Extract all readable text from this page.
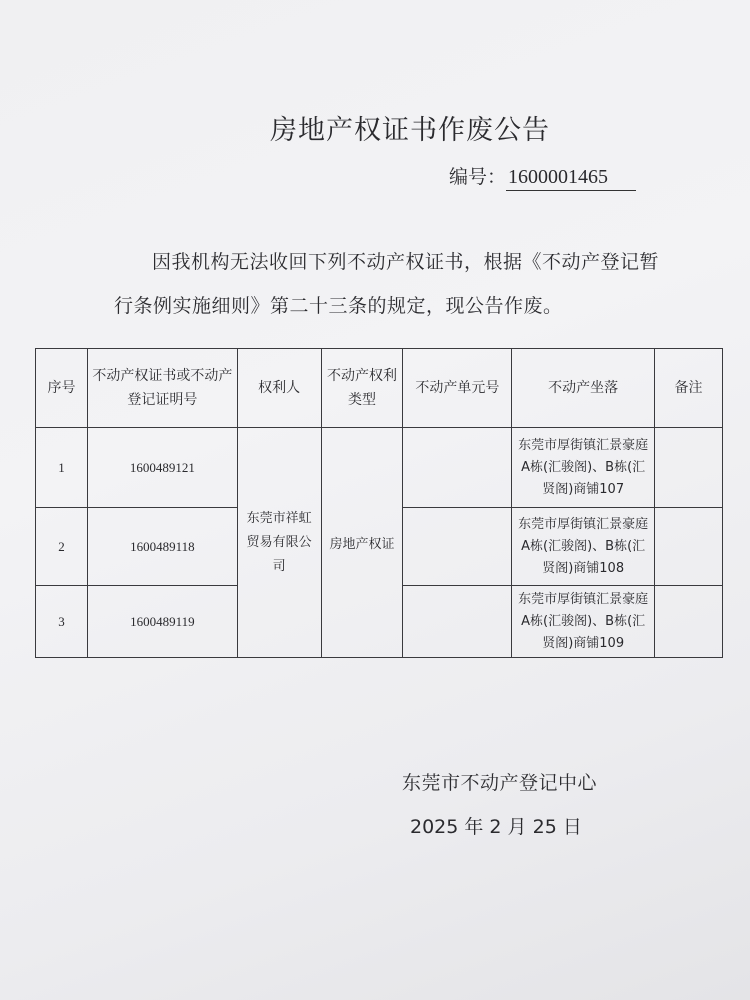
房地产权证书作废公告
编号： 1600001465
因我机构无法收回下列不动产权证书，根据《不动产登记暂行条例实施细则》第二十三条的规定，现公告作废。
序号	不动产权证书或不动产登记证明号	权利人	不动产权利类型	不动产单元号	不动产坐落	备注
1	1600489121	东莞市祥虹贸易有限公司	房地产权证		东莞市厚街镇汇景豪庭A栋(汇骏阁)、B栋(汇贤阁)商铺107	
2	1600489118				东莞市厚街镇汇景豪庭A栋(汇骏阁)、B栋(汇贤阁)商铺108	
3	1600489119				东莞市厚街镇汇景豪庭A栋(汇骏阁)、B栋(汇贤阁)商铺109	
东莞市不动产登记中心
2025 年 2 月 25 日
